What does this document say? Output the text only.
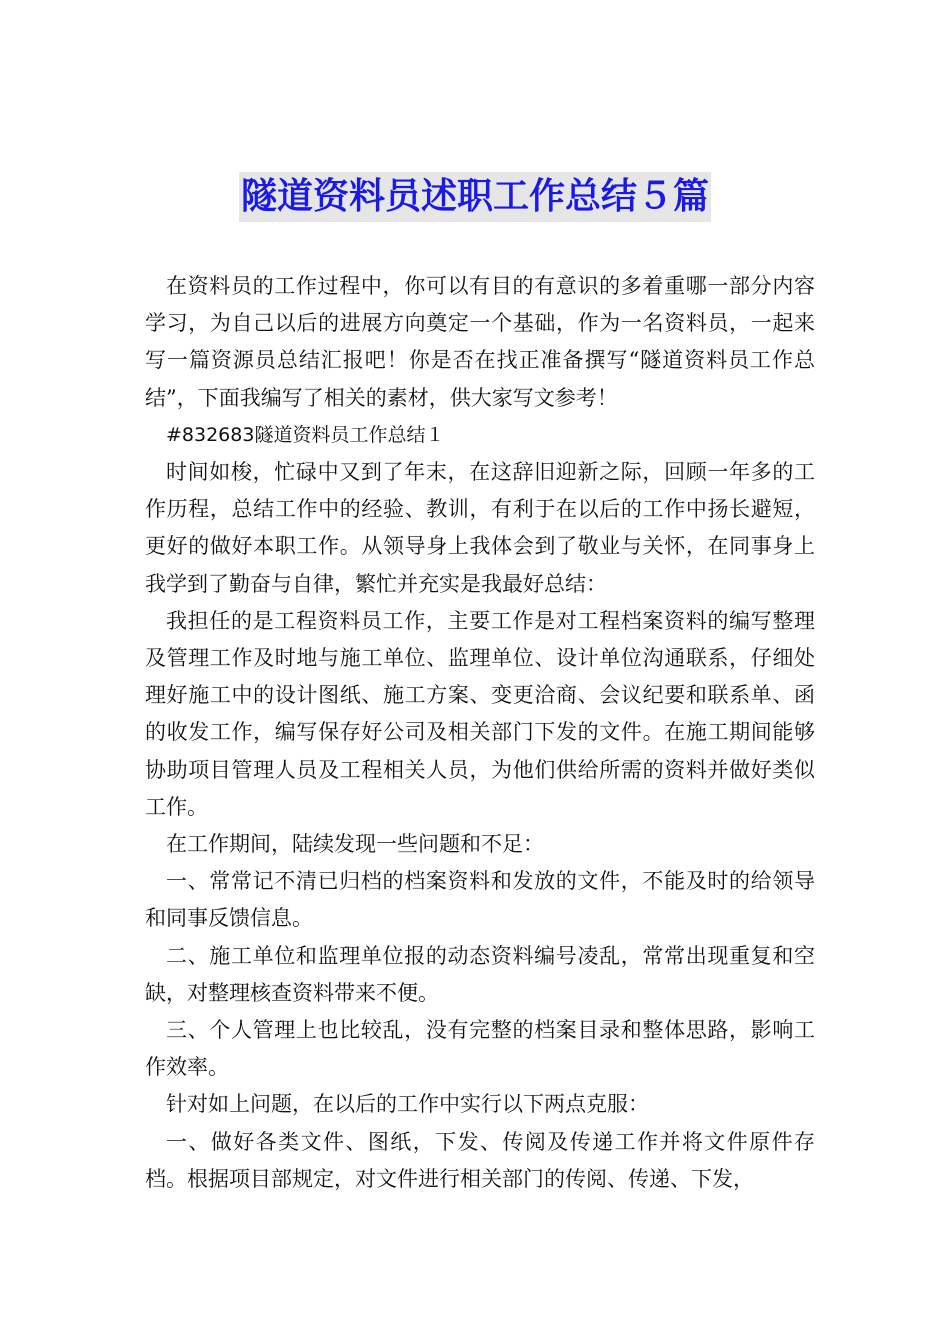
隧道资料员述职工作总结５篇

在资料员的工作过程中，你可以有目的有意识的多着重哪一部分内容学习，为自己以后的进展方向奠定一个基础，作为一名资料员，一起来写一篇资源员总结汇报吧！你是否在找正准备撰写“隧道资料员工作总结”，下面我编写了相关的素材，供大家写文参考！

#832683隧道资料员工作总结１

时间如梭，忙碌中又到了年末，在这辞旧迎新之际，回顾一年多的工作历程，总结工作中的经验、教训，有利于在以后的工作中扬长避短，更好的做好本职工作。从领导身上我体会到了敬业与关怀，在同事身上我学到了勤奋与自律，繁忙并充实是我最好总结：

我担任的是工程资料员工作，主要工作是对工程档案资料的编写整理及管理工作及时地与施工单位、监理单位、设计单位沟通联系，仔细处理好施工中的设计图纸、施工方案、变更洽商、会议纪要和联系单、函的收发工作，编写保存好公司及相关部门下发的文件。在施工期间能够协助项目管理人员及工程相关人员，为他们供给所需的资料并做好类似工作。

在工作期间，陆续发现一些问题和不足：

一、常常记不清已归档的档案资料和发放的文件，不能及时的给领导和同事反馈信息。

二、施工单位和监理单位报的动态资料编号凌乱，常常出现重复和空缺，对整理核查资料带来不便。

三、个人管理上也比较乱，没有完整的档案目录和整体思路，影响工作效率。

针对如上问题，在以后的工作中实行以下两点克服：

一、做好各类文件、图纸，下发、传阅及传递工作并将文件原件存档。根据项目部规定，对文件进行相关部门的传阅、传递、下发，
